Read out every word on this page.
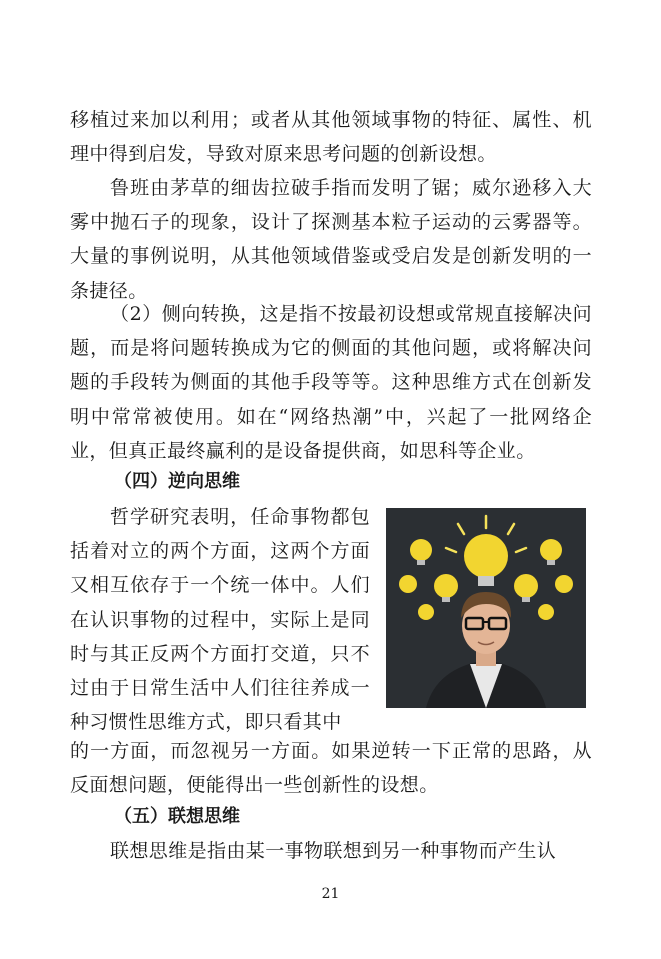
移植过来加以利用；或者从其他领域事物的特征、属性、机理中得到启发，导致对原来思考问题的创新设想。

鲁班由茅草的细齿拉破手指而发明了锯；威尔逊移入大雾中抛石子的现象，设计了探测基本粒子运动的云雾器等。大量的事例说明，从其他领域借鉴或受启发是创新发明的一条捷径。

（2）侧向转换，这是指不按最初设想或常规直接解决问题，而是将问题转换成为它的侧面的其他问题，或将解决问题的手段转为侧面的其他手段等等。这种思维方式在创新发明中常常被使用。如在“网络热潮”中，兴起了一批网络企业，但真正最终赢利的是设备提供商，如思科等企业。

（四）逆向思维

哲学研究表明，任命事物都包括着对立的两个方面，这两个方面又相互依存于一个统一体中。人们在认识事物的过程中，实际上是同时与其正反两个方面打交道，只不过由于日常生活中人们往往养成一种习惯性思维方式，即只看其中

的一方面，而忽视另一方面。如果逆转一下正常的思路，从反面想问题，便能得出一些创新性的设想。

（五）联想思维

联想思维是指由某一事物联想到另一种事物而产生认

21
